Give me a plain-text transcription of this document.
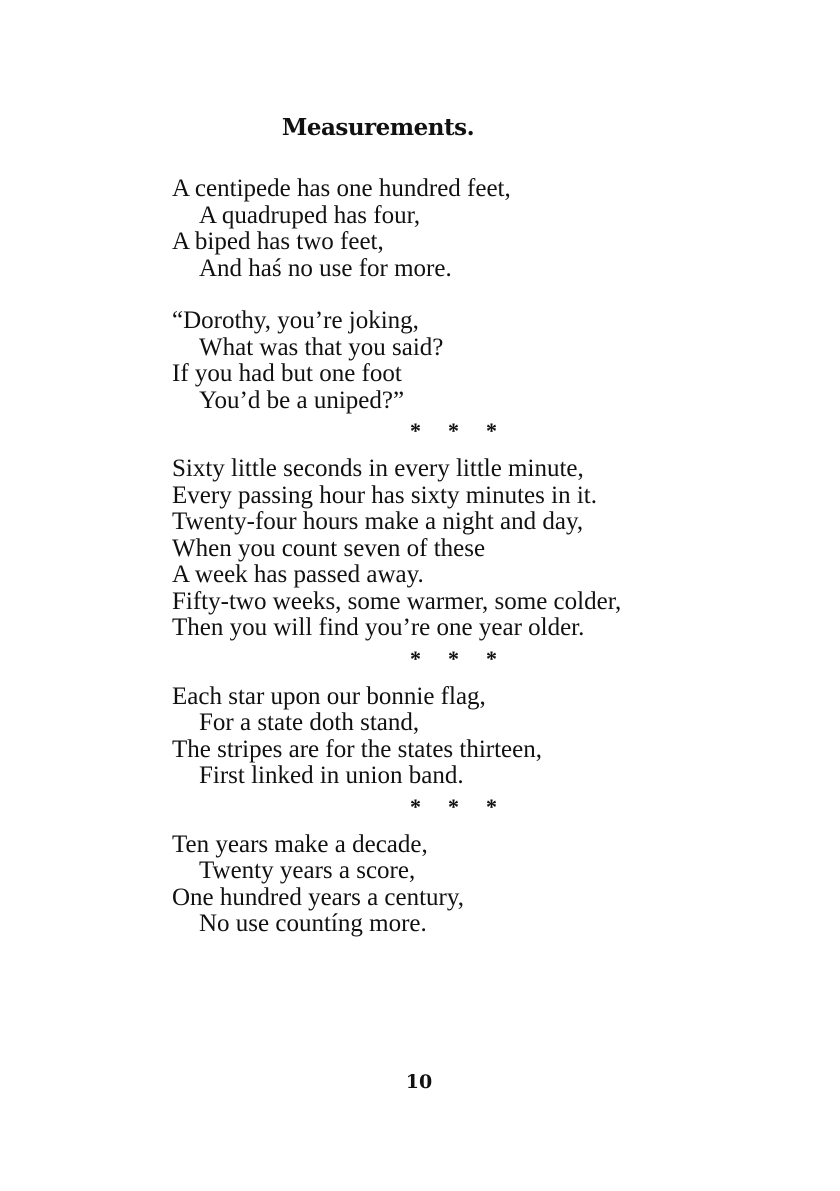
Measurements.
A centipede has one hundred feet,
A quadruped has four,
A biped has two feet,
And haś no use for more.
“Dorothy, you’re joking,
What was that you said?
If you had but one foot
You’d be a uniped?”
* * *
Sixty little seconds in every little minute,
Every passing hour has sixty minutes in it.
Twenty-four hours make a night and day,
When you count seven of these
A week has passed away.
Fifty-two weeks, some warmer, some colder,
Then you will find you’re one year older.
* * *
Each star upon our bonnie flag,
For a state doth stand,
The stripes are for the states thirteen,
First linked in union band.
* * *
Ten years make a decade,
Twenty years a score,
One hundred years a century,
No use countíng more.
10
